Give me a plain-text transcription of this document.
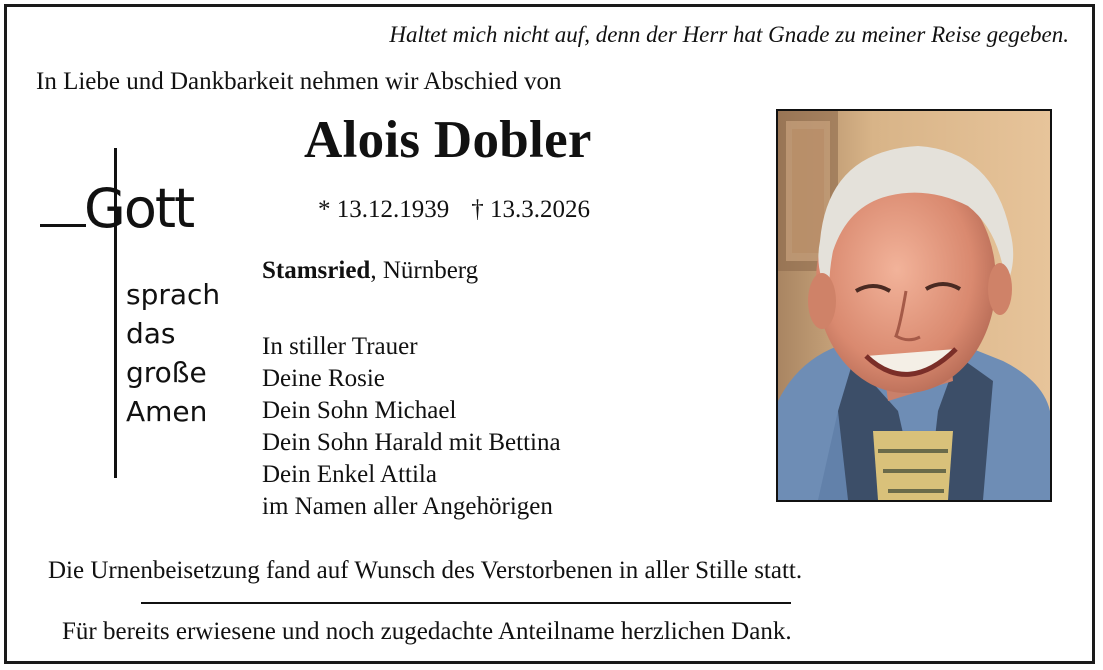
Haltet mich nicht auf, denn der Herr hat Gnade zu meiner Reise gegeben.
In Liebe und Dankbarkeit nehmen wir Abschied von
Alois Dobler
* 13.12.1939 † 13.3.2026
Stamsried, Nürnberg
In stiller Trauer
Deine Rosie
Dein Sohn Michael
Dein Sohn Harald mit Bettina
Dein Enkel Attila
im Namen aller Angehörigen
Gott
sprach
das
große
Amen
Die Urnenbeisetzung fand auf Wunsch des Verstorbenen in aller Stille statt.
Für bereits erwiesene und noch zugedachte Anteilname herzlichen Dank.
